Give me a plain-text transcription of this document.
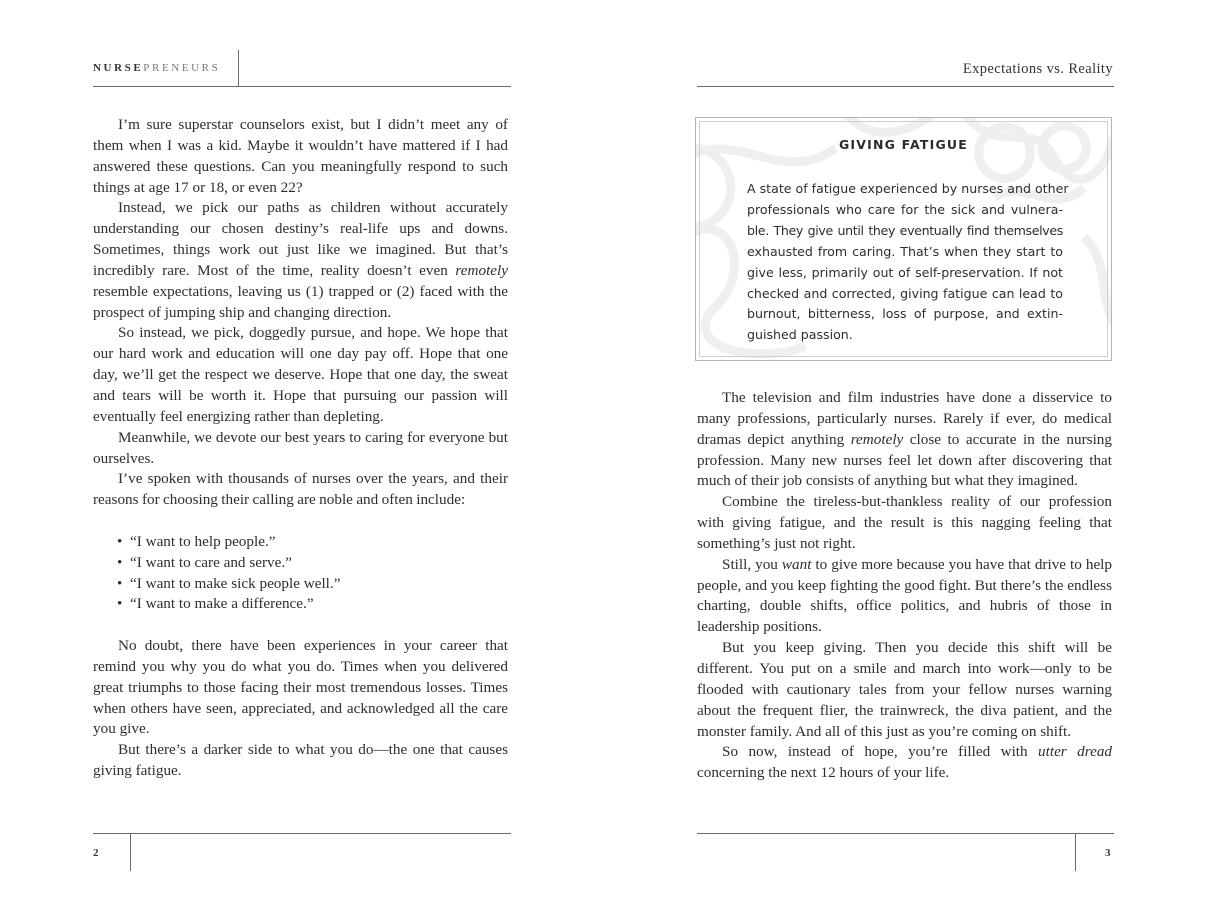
NURSEPRENEURS

I’m sure superstar counselors exist, but I didn’t meet any of them when I was a kid. Maybe it wouldn’t have mattered if I had answered these questions. Can you meaningfully respond to such things at age 17 or 18, or even 22?

Instead, we pick our paths as children without accurately understanding our chosen destiny’s real-life ups and downs. Sometimes, things work out just like we imagined. But that’s incredibly rare. Most of the time, reality doesn’t even remotely resemble expectations, leaving us (1) trapped or (2) faced with the prospect of jumping ship and changing direction.

So instead, we pick, doggedly pursue, and hope. We hope that our hard work and education will one day pay off. Hope that one day, we’ll get the respect we deserve. Hope that one day, the sweat and tears will be worth it. Hope that pursuing our passion will eventually feel energizing rather than depleting.

Meanwhile, we devote our best years to caring for everyone but ourselves.

I’ve spoken with thousands of nurses over the years, and their reasons for choosing their calling are noble and often include:

• “I want to help people.”
• “I want to care and serve.”
• “I want to make sick people well.”
• “I want to make a difference.”

No doubt, there have been experiences in your career that remind you why you do what you do. Times when you delivered great triumphs to those facing their most tremendous losses. Times when others have seen, appreciated, and acknowledged all the care you give.

But there’s a darker side to what you do—the one that causes giving fatigue.

2
Expectations vs. Reality
GIVING FATIGUE
A state of fatigue experienced by nurses and other
professionals who care for the sick and vulnera-
ble. They give until they eventually find themselves
exhausted from caring. That’s when they start to
give less, primarily out of self-preservation. If not
checked and corrected, giving fatigue can lead to
burnout, bitterness, loss of purpose, and extin-
guished passion.

The television and film industries have done a disservice to many professions, particularly nurses. Rarely if ever, do medical dramas depict anything remotely close to accurate in the nursing profession. Many new nurses feel let down after discovering that much of their job consists of anything but what they imagined.

Combine the tireless-but-thankless reality of our profession with giving fatigue, and the result is this nagging feeling that something’s just not right.

Still, you want to give more because you have that drive to help people, and you keep fighting the good fight. But there’s the endless charting, double shifts, office politics, and hubris of those in leadership positions.

But you keep giving. Then you decide this shift will be different. You put on a smile and march into work—only to be flooded with cautionary tales from your fellow nurses warning about the frequent flier, the trainwreck, the diva patient, and the monster family. And all of this just as you’re coming on shift.

So now, instead of hope, you’re filled with utter dread concerning the next 12 hours of your life.

3
